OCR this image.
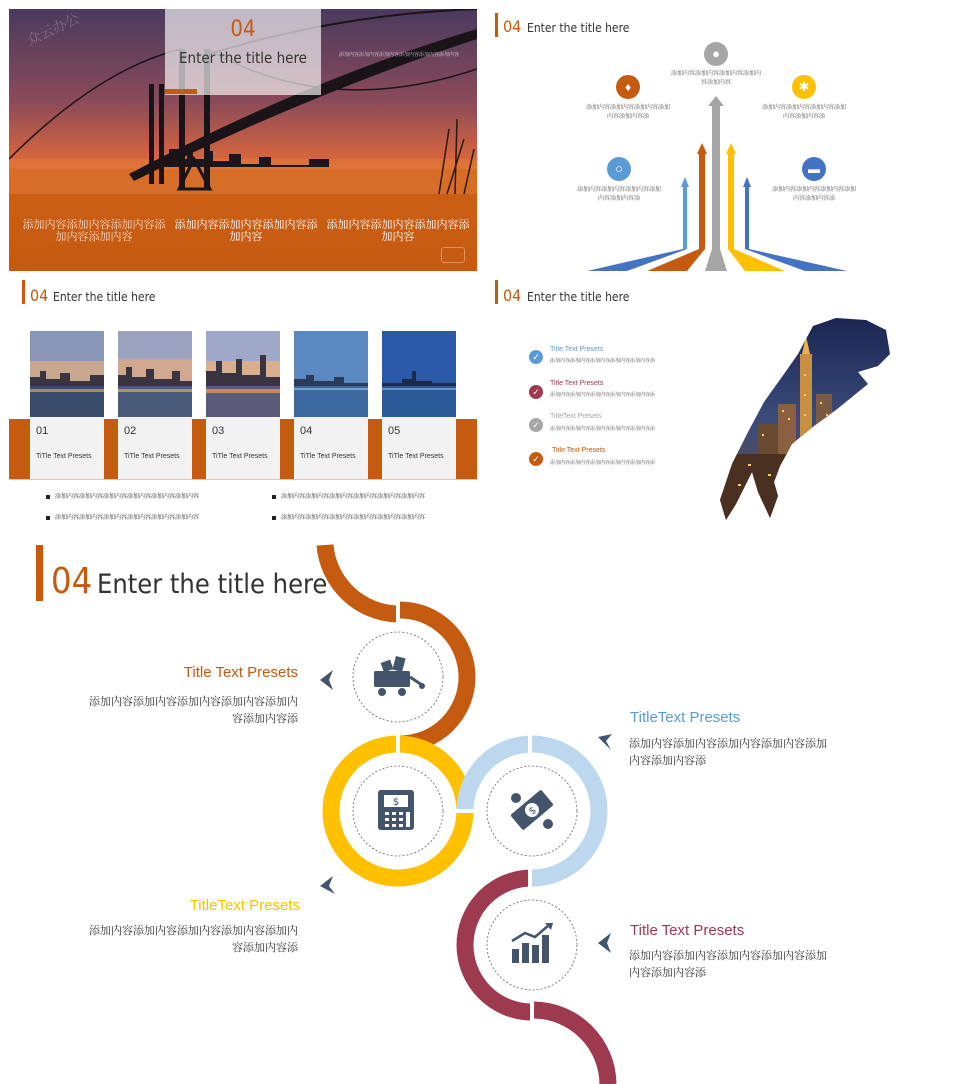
04
Enter the title here
众云办公
添加内容添加内容添加内容添加内容添加内容添加内容
添加内容添加内容添加内容添加内容添加内容
添加内容添加内容添加内容添加内容
添加内容添加内容添加内容添加内容
04 Enter the title here
●
添加内容添加内容添加内容添加内容添加内容
♦
添加内容添加内容添加内容添加内容添加内容添
✱
添加内容添加内容添加内容添加内容添加内容添
○
添加内容添加内容添加内容添加内容添加内容添
▬
添加内容添加内容添加内容添加内容添加内容添
04 Enter the title here
01
TiTle Text Presets
02
TiTle Text Presets
03
TiTle Text Presets
04
TiTle Text Presets
05
TiTle Text Presets
添加内容添加内容添加内容添加内容添加内容添加内容	添加内容添加内容添加内容添加内容添加内容添加内容
添加内容添加内容添加内容添加内容添加内容添加内容	添加内容添加内容添加内容添加内容添加内容添加内容
04 Enter the title here
✓
Title Text Presets
添加内容添加内容添加内容添加内容添加内容添
✓
Title Text Presets
添加内容添加内容添加内容添加内容添加内容添
✓
TitleText Presets
添加内容添加内容添加内容添加内容添加内容添
✓
Title Text Presets
添加内容添加内容添加内容添加内容添加内容添
04 Enter the title here
$
$
Title Text Presets
添加内容添加内容添加内容添加内容添加内
容添加内容添	TitleText Presets
添加内容添加内容添加内容添加内容添加
内容添加内容添
TitleText Presets
添加内容添加内容添加内容添加内容添加内
容添加内容添
Title Text Presets
添加内容添加内容添加内容添加内容添加
内容添加内容添
